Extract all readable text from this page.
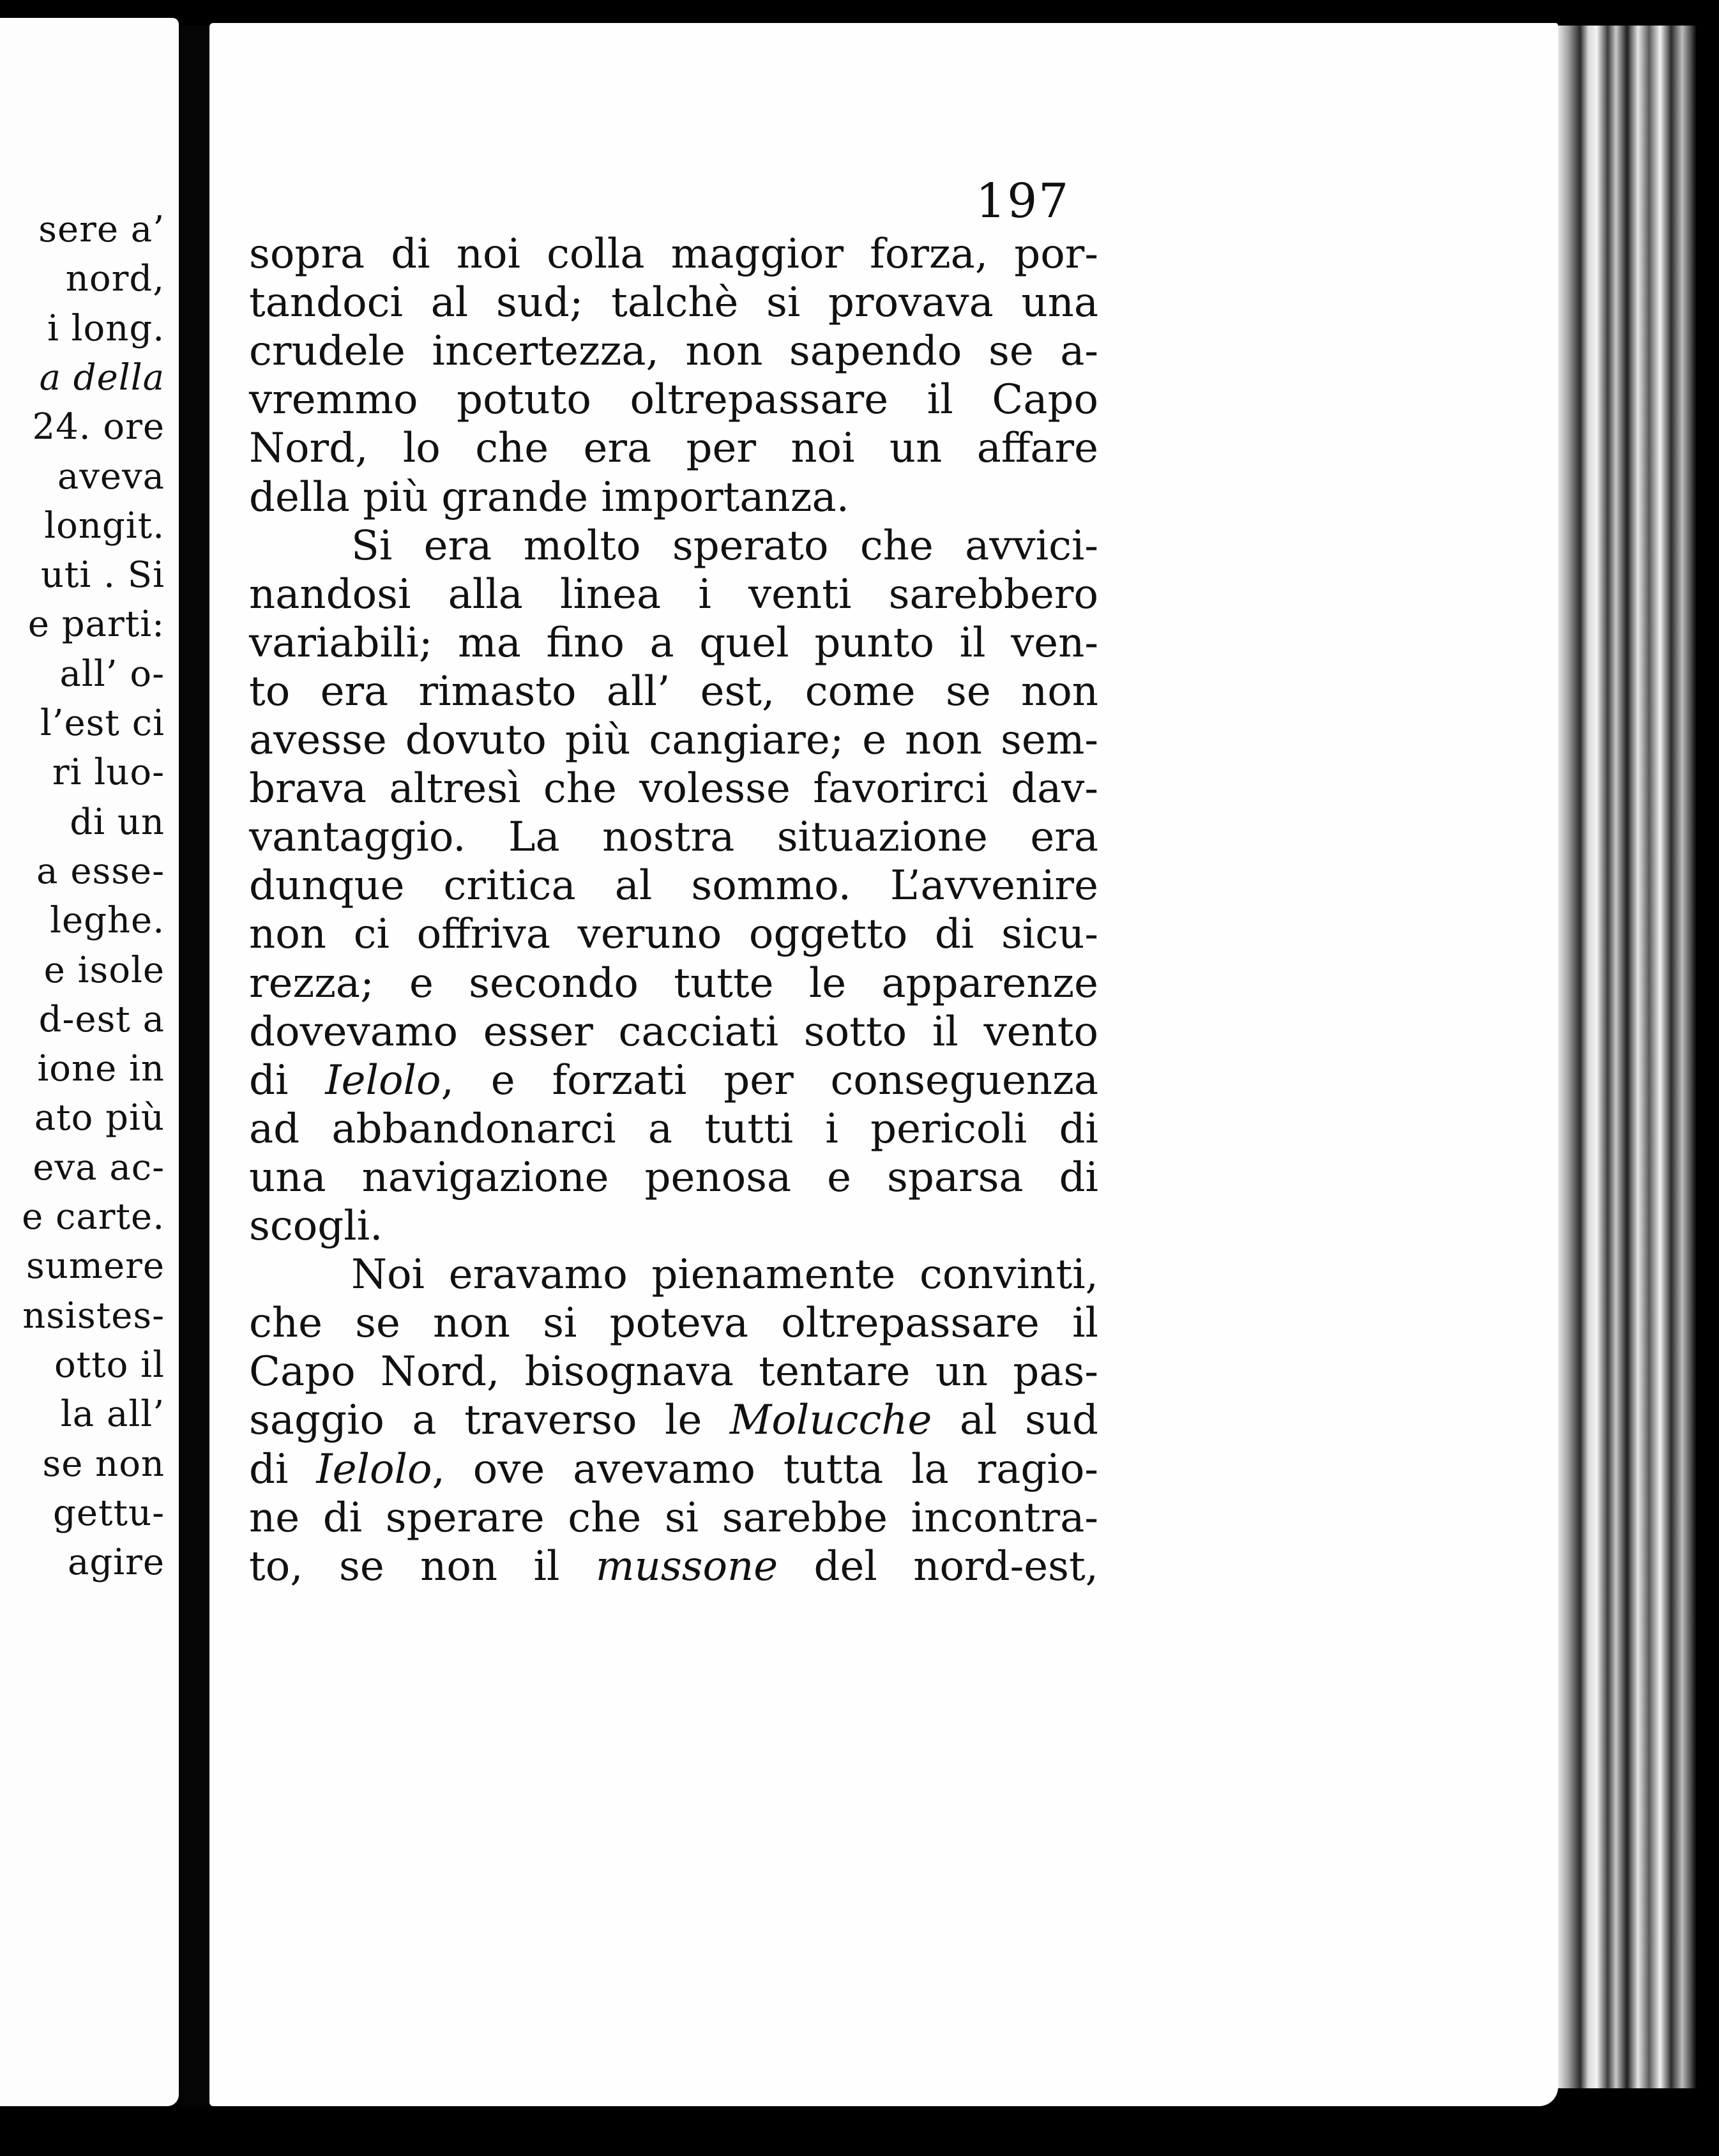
sere a’
nord,
i long.
a della
24. ore
aveva
longit.
uti . Si
e parti:
all’ o-
l’est ci
ri luo-
di un
a esse-
leghe.
e isole
d-est a
ione in
ato più
eva ac-
e carte.
sumere
nsistes-
otto il
la all’
se non
gettu-
agire
197
sopra di noi colla maggior forza, por-
tandoci al sud; talchè si provava una
crudele incertezza, non sapendo se a-
vremmo potuto oltrepassare il Capo
Nord, lo che era per noi un affare
della più grande importanza.
Si era molto sperato che avvici-
nandosi alla linea i venti sarebbero
variabili; ma fino a quel punto il ven-
to era rimasto all’ est, come se non
avesse dovuto più cangiare; e non sem-
brava altresì che volesse favorirci dav-
vantaggio. La nostra situazione era
dunque critica al sommo. L’avvenire
non ci offriva veruno oggetto di sicu-
rezza; e secondo tutte le apparenze
dovevamo esser cacciati sotto il vento
di Ielolo, e forzati per conseguenza
ad abbandonarci a tutti i pericoli di
una navigazione penosa e sparsa di
scogli.
Noi eravamo pienamente convinti,
che se non si poteva oltrepassare il
Capo Nord, bisognava tentare un pas-
saggio a traverso le Molucche al sud
di Ielolo, ove avevamo tutta la ragio-
ne di sperare che si sarebbe incontra-
to, se non il mussone del nord-est,
